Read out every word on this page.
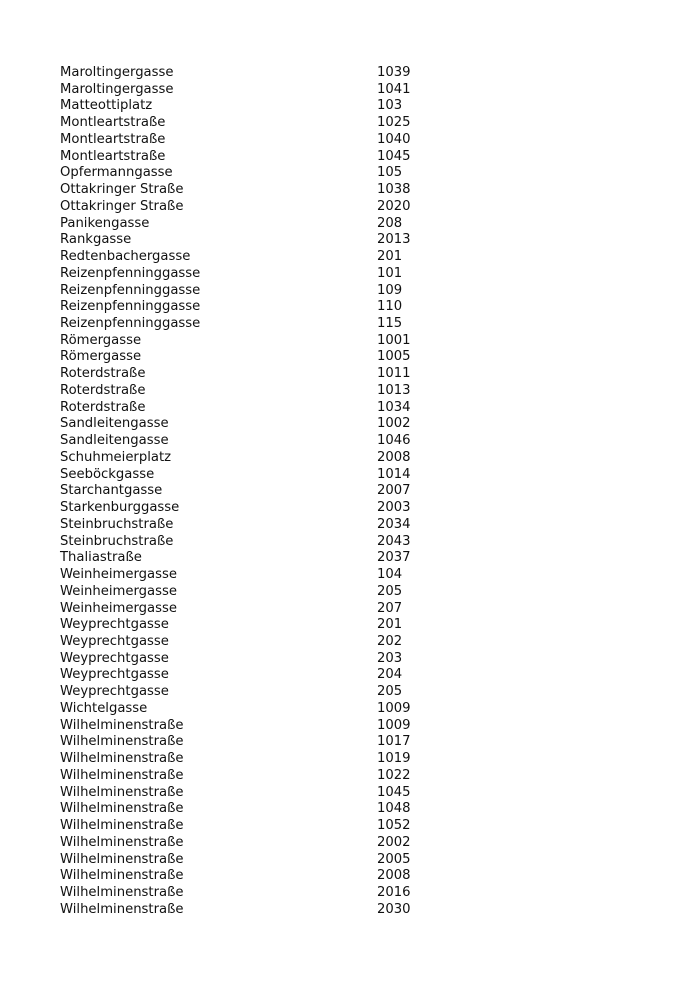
Maroltingergasse	1039
Maroltingergasse	1041
Matteottiplatz	103
Montleartstraße	1025
Montleartstraße	1040
Montleartstraße	1045
Opfermanngasse	105
Ottakringer Straße	1038
Ottakringer Straße	2020
Panikengasse	208
Rankgasse	2013
Redtenbachergasse	201
Reizenpfenninggasse	101
Reizenpfenninggasse	109
Reizenpfenninggasse	110
Reizenpfenninggasse	115
Römergasse	1001
Römergasse	1005
Roterdstraße	1011
Roterdstraße	1013
Roterdstraße	1034
Sandleitengasse	1002
Sandleitengasse	1046
Schuhmeierplatz	2008
Seeböckgasse	1014
Starchantgasse	2007
Starkenburggasse	2003
Steinbruchstraße	2034
Steinbruchstraße	2043
Thaliastraße	2037
Weinheimergasse	104
Weinheimergasse	205
Weinheimergasse	207
Weyprechtgasse	201
Weyprechtgasse	202
Weyprechtgasse	203
Weyprechtgasse	204
Weyprechtgasse	205
Wichtelgasse	1009
Wilhelminenstraße	1009
Wilhelminenstraße	1017
Wilhelminenstraße	1019
Wilhelminenstraße	1022
Wilhelminenstraße	1045
Wilhelminenstraße	1048
Wilhelminenstraße	1052
Wilhelminenstraße	2002
Wilhelminenstraße	2005
Wilhelminenstraße	2008
Wilhelminenstraße	2016
Wilhelminenstraße	2030
